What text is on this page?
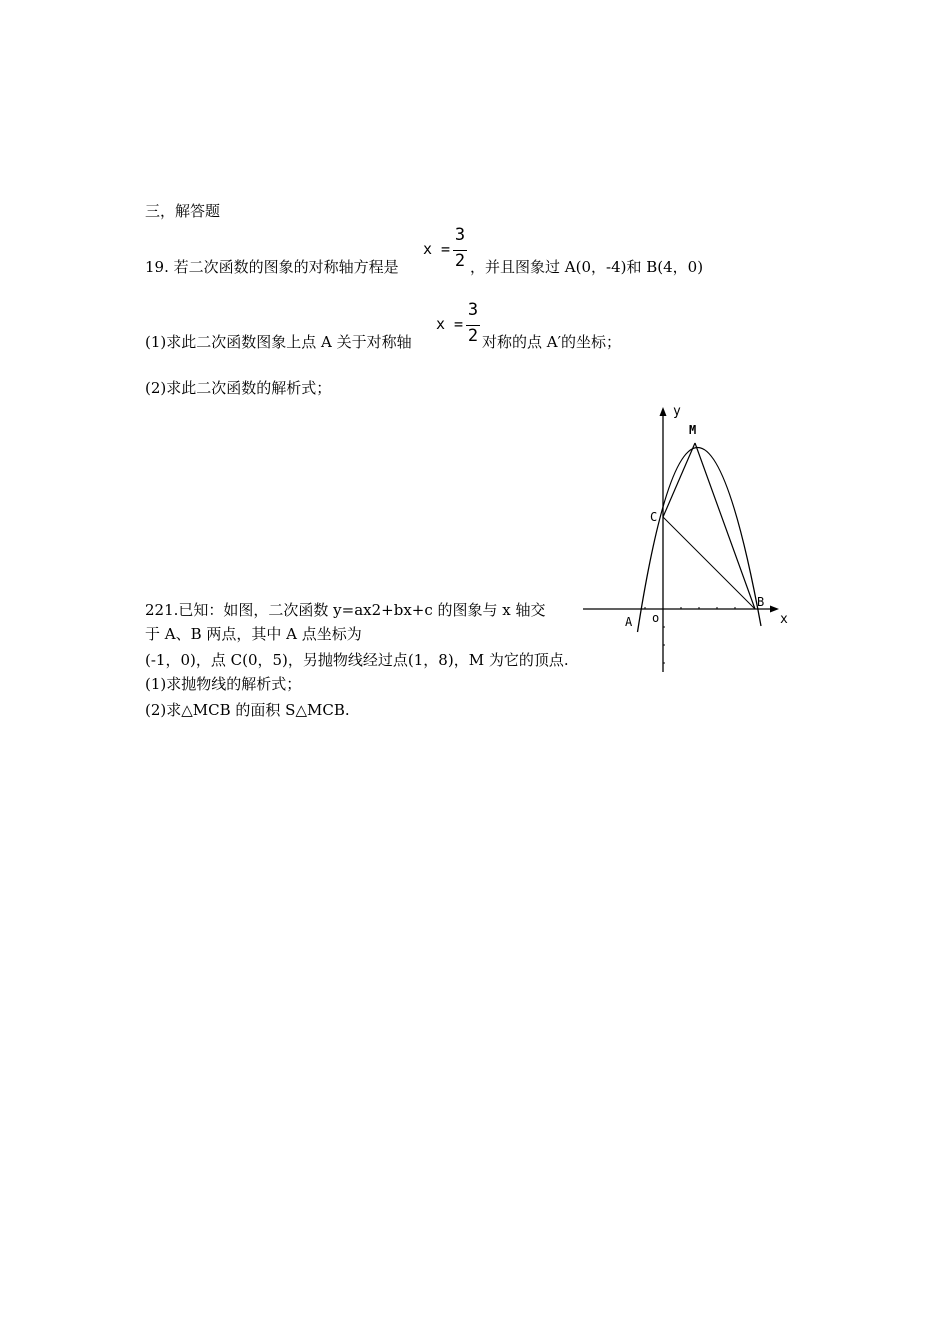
三，解答题
19. 若二次函数的图象的对称轴方程是
x =
3
2 ，并且图象过 A(0，-4)和 B(4，0)
(1)求此二次函数图象上点 A 关于对称轴
x =
3
2 对称的点 A′的坐标；
(2)求此二次函数的解析式；
221.已知：如图，二次函数 y=ax2+bx+c 的图象与 x 轴交
于 A、B 两点，其中 A 点坐标为
(-1，0)，点 C(0，5)，另抛物线经过点(1，8)，M 为它的顶点.
(1)求抛物线的解析式；
(2)求△MCB 的面积 S△MCB.
y
x
o
A
B
C
M
